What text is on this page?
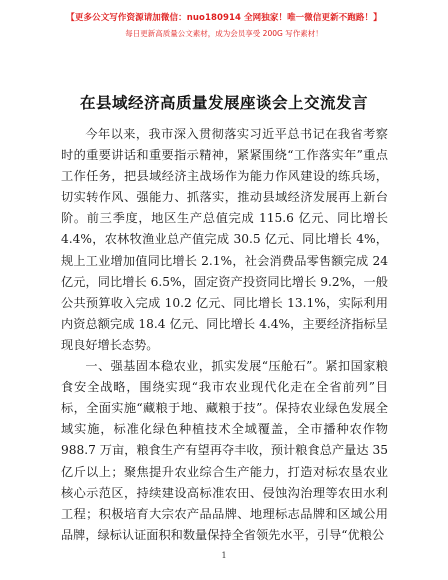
【更多公文写作资源请加微信：nuo180914 全网独家！唯一微信更新不跑路！】
每日更新高质量公文素材，成为会员享受 200G 写作素材！
在县域经济高质量发展座谈会上交流发言

今年以来，我市深入贯彻落实习近平总书记在我省考察时的重要讲话和重要指示精神，紧紧围绕“工作落实年”重点工作任务，把县域经济主战场作为能力作风建设的练兵场，切实转作风、强能力、抓落实，推动县域经济发展再上新台阶。前三季度，地区生产总值完成 115.6 亿元、同比增长 4.4%，农林牧渔业总产值完成 30.5 亿元、同比增长 4%，规上工业增加值同比增长 2.1%，社会消费品零售额完成 24 亿元，同比增长 6.5%，固定资产投资同比增长 9.2%，一般公共预算收入完成 10.2 亿元、同比增长 13.1%，实际利用内资总额完成 18.4 亿元、同比增长 4.4%，主要经济指标呈现良好增长态势。

一、强基固本稳农业，抓实发展“压舱石”。紧扣国家粮食安全战略，围绕实现“我市农业现代化走在全省前列”目标，全面实施“藏粮于地、藏粮于技”。保持农业绿色发展全域实施，标准化绿色种植技术全域覆盖，全市播种农作物 988.7 万亩，粮食生产有望再夺丰收，预计粮食总产量达 35 亿斤以上；聚焦提升农业综合生产能力，打造对标农垦农业核心示范区，持续建设高标准农田、侵蚀沟治理等农田水利工程；积极培育大宗农产品品牌、地理标志品牌和区域公用品牌，绿标认证面积和数量保持全省领先水平，引导“优粮公

1
